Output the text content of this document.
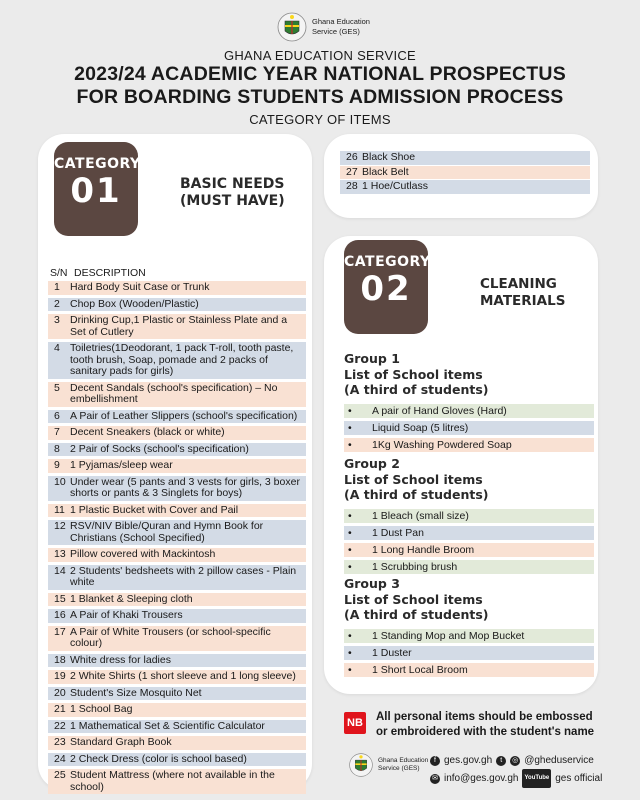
Ghana Education
Service (GES)
GHANA EDUCATION SERVICE
2023/24 ACADEMIC YEAR NATIONAL PROSPECTUS
FOR BOARDING STUDENTS ADMISSION PROCESS
CATEGORY OF ITEMS
CATEGORY
01	BASIC NEEDS
(MUST HAVE)
S/N DESCRIPTION
1 Hard Body Suit Case or Trunk
2 Chop Box (Wooden/Plastic)
3 Drinking Cup,1 Plastic or Stainless Plate and a Set of Cutlery
4 Toiletries(1Deodorant, 1 pack T-roll, tooth paste, tooth brush, Soap, pomade and 2 packs of sanitary pads for girls)
5 Decent Sandals (school's specification) – No embellishment
6 A Pair of Leather Slippers (school's specification)
7 Decent Sneakers (black or white)
8 2 Pair of Socks (school's specification)
9 1 Pyjamas/sleep wear
10 Under wear (5 pants and 3 vests for girls, 3 boxer shorts or pants & 3 Singlets for boys)
11 1 Plastic Bucket with Cover and Pail
12 RSV/NIV Bible/Quran and Hymn Book for Christians (School Specified)
13 Pillow covered with Mackintosh
14 2 Students' bedsheets with 2 pillow cases - Plain white
15 1 Blanket & Sleeping cloth
16 A Pair of Khaki Trousers
17 A Pair of White Trousers (or school-specific colour)
18 White dress for ladies
19 2 White Shirts (1 short sleeve and 1 long sleeve)
20 Student's Size Mosquito Net
21 1 School Bag
22 1 Mathematical Set & Scientific Calculator
23 Standard Graph Book
24 2 Check Dress (color is school based)
25 Student Mattress (where not available in the school)
26 Black Shoe
27 Black Belt
28 1 Hoe/Cutlass
CATEGORY
02	CLEANING
MATERIALS
Group 1
List of School items
(A third of students)
•	A pair of Hand Gloves (Hard)
•	Liquid Soap (5 litres)
•	1Kg Washing Powdered Soap
Group 2
List of School items
(A third of students)
•	1 Bleach (small size)
•	1 Dust Pan
•	1 Long Handle Broom
•	1 Scrubbing brush
Group 3
List of School items
(A third of students)
•	1 Standing Mop and Mop Bucket
•	1 Duster
•	1 Short Local Broom
NB All personal items should be embossed or embroidered with the student's name
Ghana Education
Service (GES)
f ges.gov.gh	t	◎ @gheduservice
✉ info@ges.gov.gh	YouTube ges official
